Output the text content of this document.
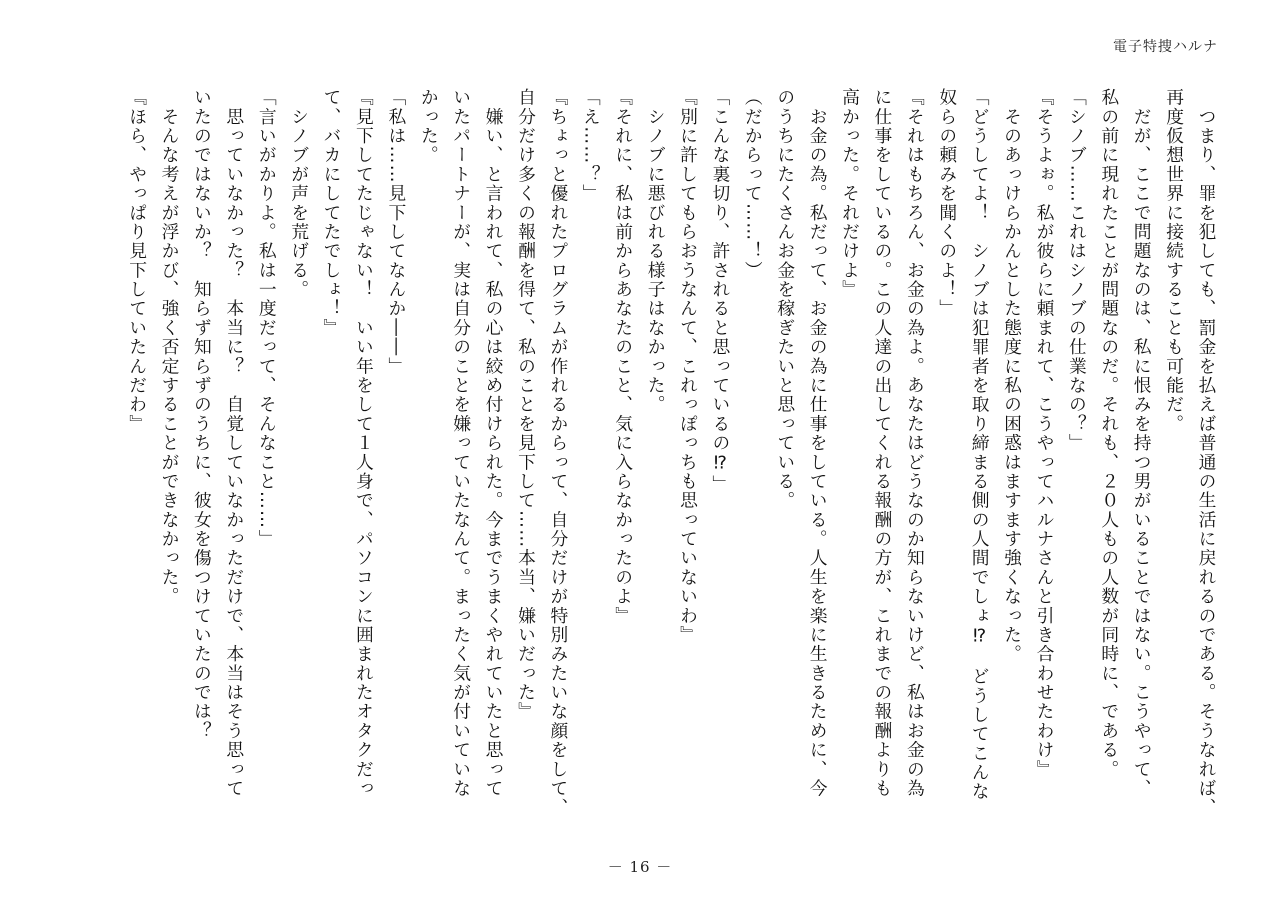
電子特捜ハルナ
　つまり、罪を犯しても、罰金を払えば普通の生活に戻れるのである。そうなれば、
再度仮想世界に接続することも可能だ。
　だが、ここで問題なのは、私に恨みを持つ男がいることではない。こうやって、
私の前に現れたことが問題なのだ。それも、２０人もの人数が同時に、である。
「シノブ……これはシノブの仕業なの？」
『そうよぉ。私が彼らに頼まれて、こうやってハルナさんと引き合わせたわけ』
　そのあっけらかんとした態度に私の困惑はますます強くなった。
「どうしてよ！　シノブは犯罪者を取り締まる側の人間でしょ⁉　どうしてこんな
奴らの頼みを聞くのよ！」
『それはもちろん、お金の為よ。あなたはどうなのか知らないけど、私はお金の為
に仕事をしているの。この人達の出してくれる報酬の方が、これまでの報酬よりも
高かった。それだけよ』
　お金の為。私だって、お金の為に仕事をしている。人生を楽に生きるために、今
のうちにたくさんお金を稼ぎたいと思っている。
（だからって……！）
「こんな裏切り、許されると思っているの⁉」
『別に許してもらおうなんて、これっぽっちも思っていないわ』
　シノブに悪びれる様子はなかった。
『それに、私は前からあなたのこと、気に入らなかったのよ』
「え……？」
『ちょっと優れたプログラムが作れるからって、自分だけが特別みたいな顔をして、
自分だけ多くの報酬を得て、私のことを見下して……本当、嫌いだった』
　嫌い、と言われて、私の心は絞め付けられた。今までうまくやれていたと思って
いたパートナーが、実は自分のことを嫌っていたなんて。まったく気が付いていな
かった。
「私は……見下してなんか――」
『見下してたじゃない！　いい年をして１人身で、パソコンに囲まれたオタクだっ
て、バカにしてたでしょ！』
　シノブが声を荒げる。
「言いがかりよ。私は一度だって、そんなこと……」
　思っていなかった？　本当に？　自覚していなかっただけで、本当はそう思って
いたのではないか？　知らず知らずのうちに、彼女を傷つけていたのでは？
　そんな考えが浮かび、強く否定することができなかった。
『ほら、やっぱり見下していたんだわ』
－ 16 －
